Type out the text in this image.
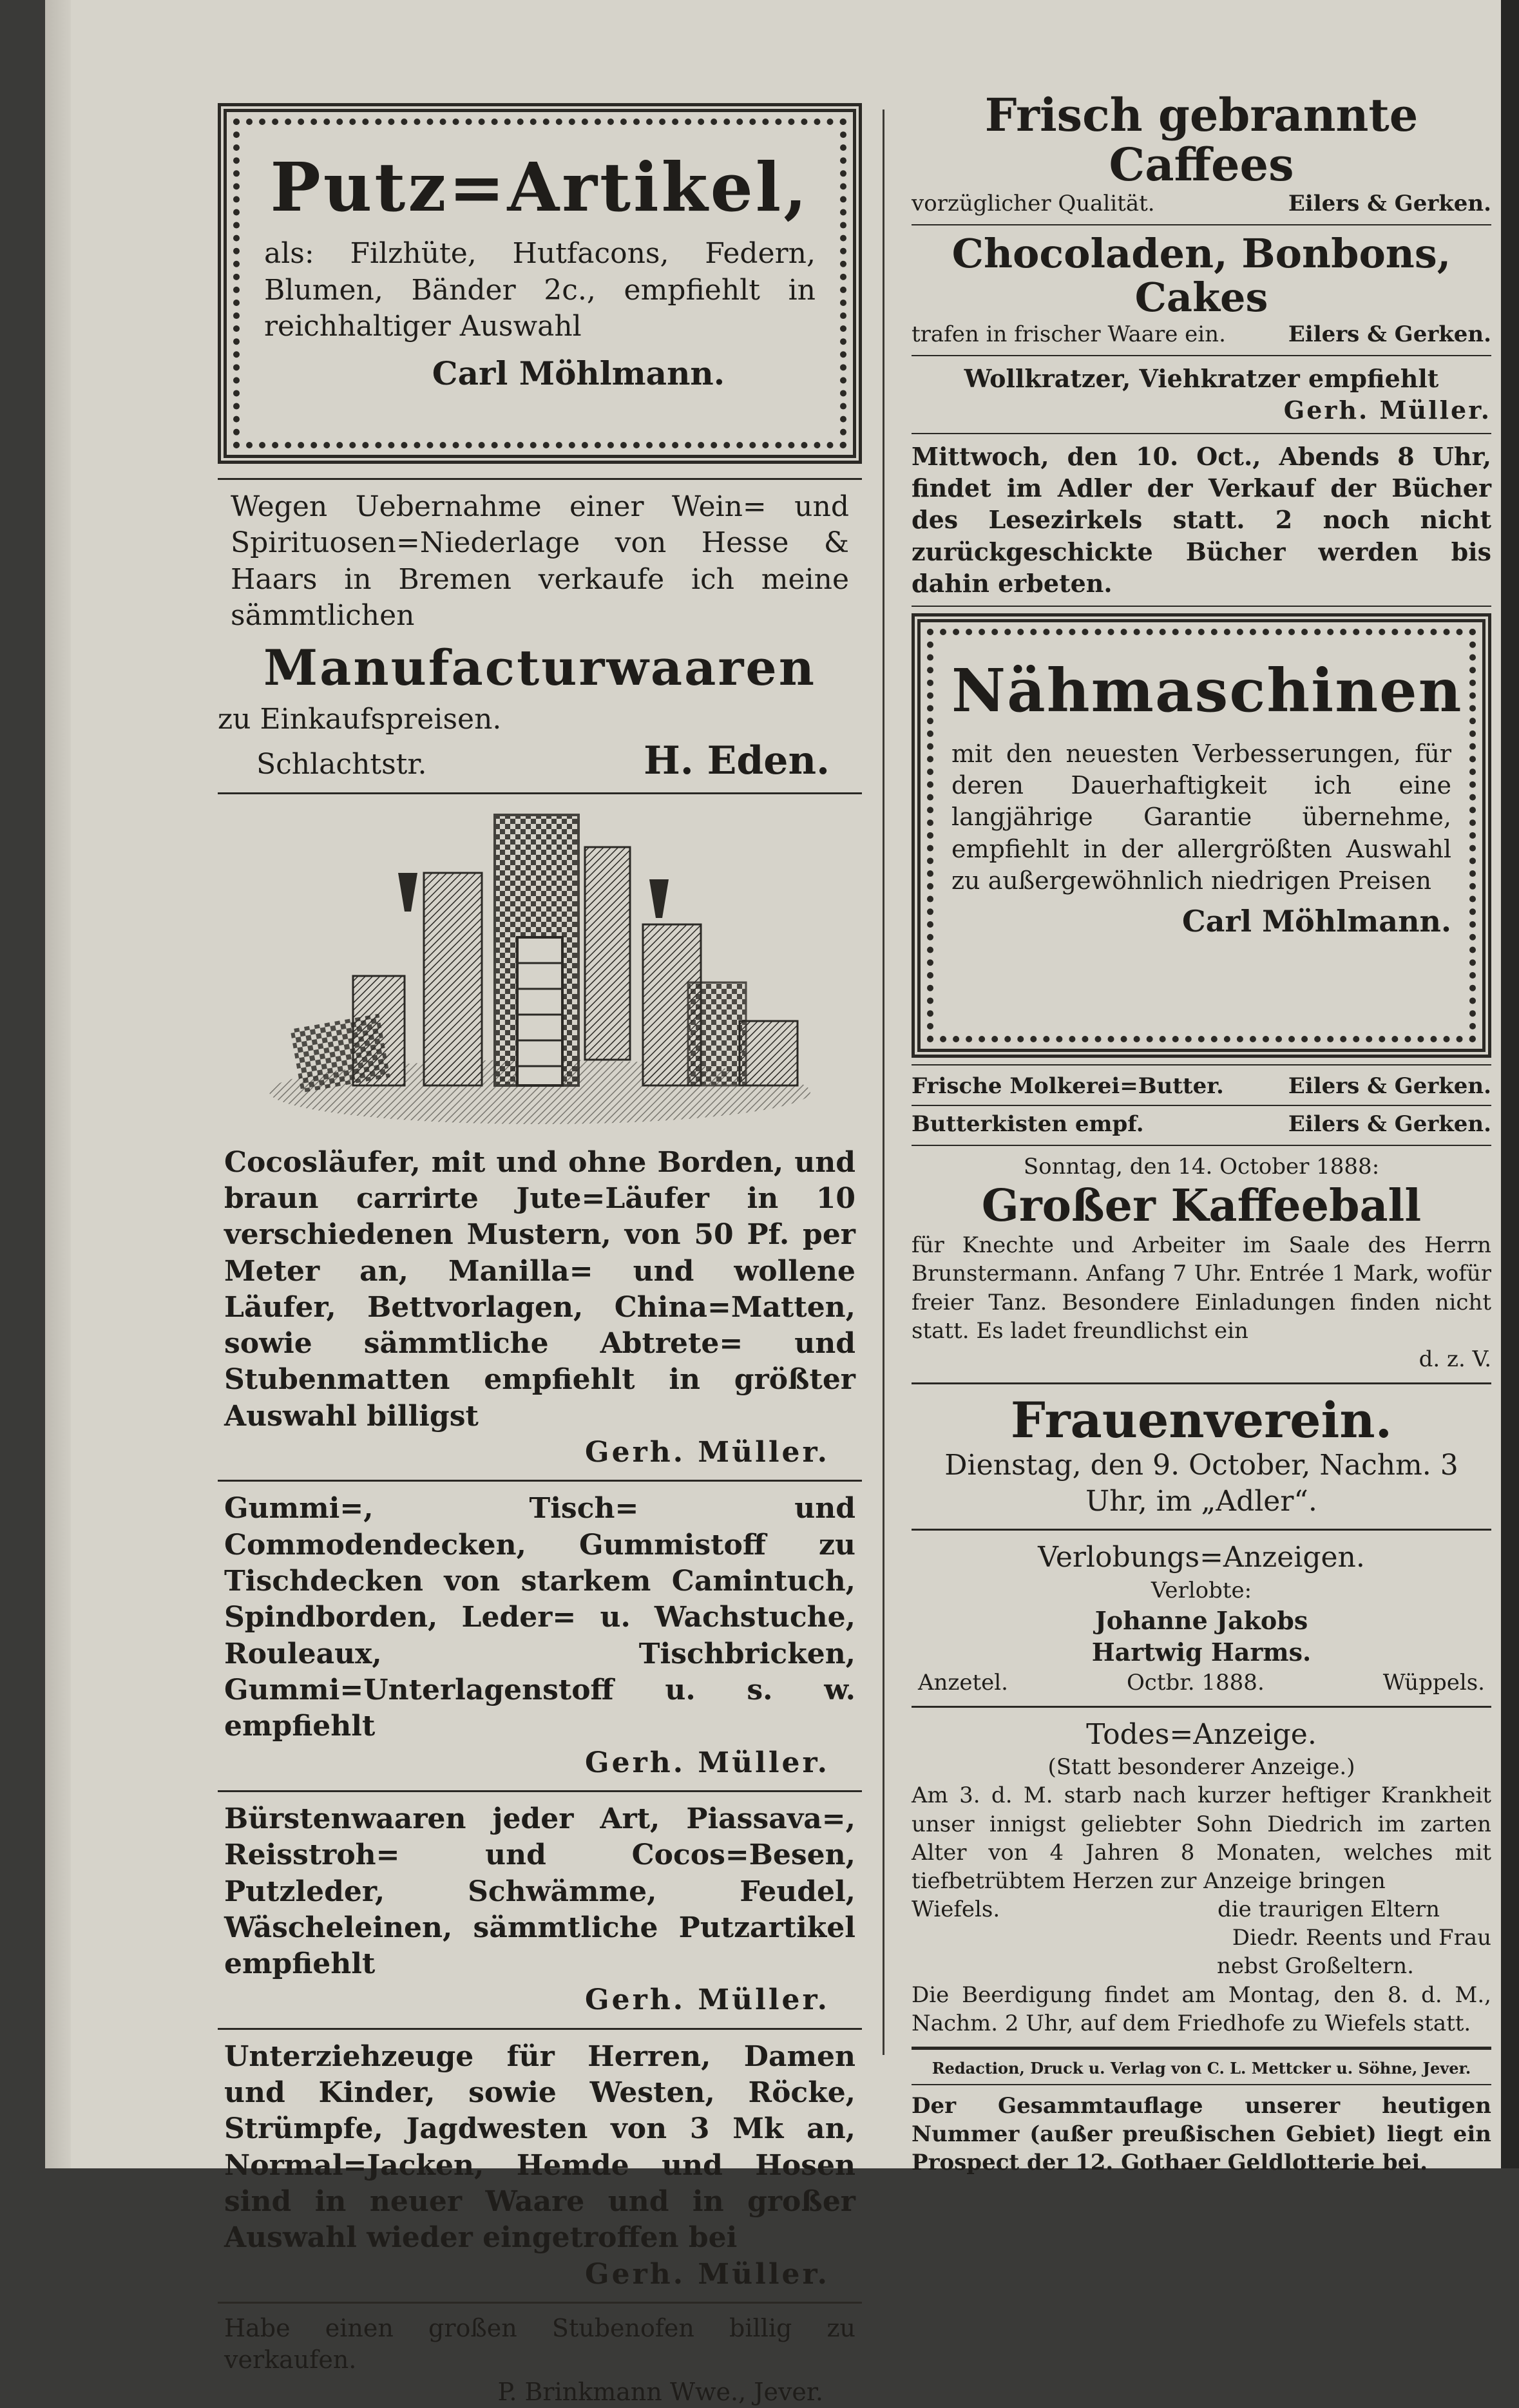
Putz=Artikel,
als: Filzhüte, Hutfacons, Federn, Blumen, Bänder 2c., empfiehlt in reichhaltiger Auswahl
Carl Möhlmann.
Wegen Uebernahme einer Wein= und Spirituosen=Niederlage von Hesse & Haars in Bremen verkaufe ich meine sämmtlichen
Manufacturwaaren
zu Einkaufspreisen.
Schlachtstr.	H. Eden.
Cocosläufer, mit und ohne Borden, und braun carrirte Jute=Läufer in 10 verschiedenen Mustern, von 50 Pf. per Meter an, Manilla= und wollene Läufer, Bettvorlagen, China=Matten, sowie sämmtliche Abtrete= und Stubenmatten empfiehlt in größter Auswahl billigst
Gerh. Müller.
Gummi=, Tisch= und Commodendecken, Gummistoff zu Tischdecken von starkem Camintuch, Spindborden, Leder= u. Wachstuche, Rouleaux, Tischbricken, Gummi=Unterlagenstoff u. s. w. empfiehlt
Gerh. Müller.
Bürstenwaaren jeder Art, Piassava=, Reisstroh= und Cocos=Besen, Putzleder, Schwämme, Feudel, Wäscheleinen, sämmtliche Putzartikel empfiehlt
Gerh. Müller.
Unterziehzeuge für Herren, Damen und Kinder, sowie Westen, Röcke, Strümpfe, Jagdwesten von 3 Mk an, Normal=Jacken, Hemde und Hosen sind in neuer Waare und in großer Auswahl wieder eingetroffen bei
Gerh. Müller.
Habe einen großen Stubenofen billig zu verkaufen.
P. Brinkmann Wwe., Jever.
Frisch gebrannte Caffees
vorzüglicher Qualität.	Eilers & Gerken.
Chocoladen, Bonbons, Cakes
trafen in frischer Waare ein.	Eilers & Gerken.
Wollkratzer, Viehkratzer empfiehlt
Gerh. Müller.
Mittwoch, den 10. Oct., Abends 8 Uhr, findet im Adler der Verkauf der Bücher des Lesezirkels statt. 2 noch nicht zurückgeschickte Bücher werden bis dahin erbeten.
Nähmaschinen
mit den neuesten Verbesserungen, für deren Dauerhaftigkeit ich eine langjährige Garantie übernehme, empfiehlt in der allergrößten Auswahl zu außergewöhnlich niedrigen Preisen
Carl Möhlmann.
Frische Molkerei=Butter.	Eilers & Gerken.
Butterkisten empf.	Eilers & Gerken.
Sonntag, den 14. October 1888:
Großer Kaffeeball
für Knechte und Arbeiter im Saale des Herrn Brunstermann. Anfang 7 Uhr. Entrée 1 Mark, wofür freier Tanz. Besondere Einladungen finden nicht statt. Es ladet freundlichst ein
d. z. V.
Frauenverein.
Dienstag, den 9. October, Nachm. 3 Uhr, im „Adler“.
Verlobungs=Anzeigen.
Verlobte:
Johanne Jakobs
Hartwig Harms.
Anzetel.	Octbr. 1888.	Wüppels.
Todes=Anzeige.
(Statt besonderer Anzeige.)
Am 3. d. M. starb nach kurzer heftiger Krankheit unser innigst geliebter Sohn Diedrich im zarten Alter von 4 Jahren 8 Monaten, welches mit tiefbetrübtem Herzen zur Anzeige bringen
Wiefels.	die traurigen Eltern
Diedr. Reents und Frau
nebst Großeltern.
Die Beerdigung findet am Montag, den 8. d. M., Nachm. 2 Uhr, auf dem Friedhofe zu Wiefels statt.
Redaction, Druck u. Verlag von C. L. Mettcker u. Söhne, Jever.
Der Gesammtauflage unserer heutigen Nummer (außer preußischen Gebiet) liegt ein Prospect der 12. Gothaer Geldlotterie bei.
